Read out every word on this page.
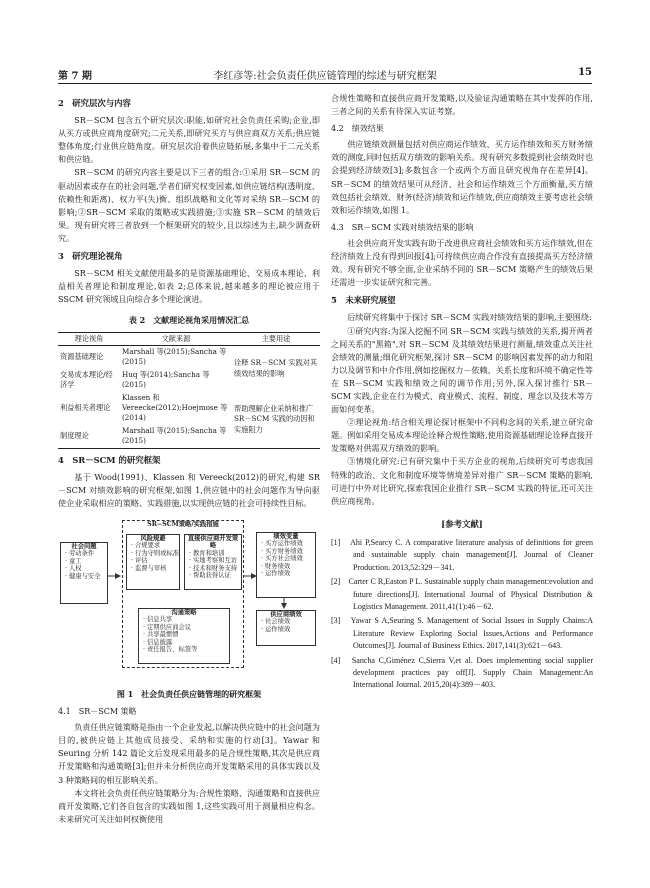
第 7 期	李红彦等:社会负责任供应链管理的综述与研究框架	15
2　研究层次与内容

SR－SCM 包含五个研究层次:职能,如研究社会负责任采购;企业,即从买方或供应商角度研究;二元关系,即研究买方与供应商双方关系;供应链整体角度;行业供应链角度。研究层次沿着供应链拓展,多集中于二元关系和供应链。

SR－SCM 的研究内容主要是以下三者的组合:①采用 SR－SCM 的驱动因素或存在的社会问题,学者们研究权变因素,如供应链结构(透明度、依赖性和距离)、权力平(失)衡、组织战略和文化等对采纳 SR－SCM 的影响;②SR－SCM 采取的策略或实践措施;③实施 SR－SCM 的绩效后果。现有研究将三者放到一个框架研究的较少,且以综述为主,缺少调查研究。

3　研究理论视角

SR－SCM 相关文献使用最多的是资源基础理论、交易成本理论、利益相关者理论和制度理论,如表 2;总体来说,越来越多的理论被应用于 SSCM 研究领域且向综合多个理论演进。

表 2　文献理论视角采用情况汇总
理论视角	文献来源	主要用途
资源基础理论	Marshall 等(2015);Sancha 等(2015)	诠释 SR－SCM 实践对其绩效结果的影响
交易成本理论/经济学	Huq 等(2014);Sancha 等(2015)	
利益相关者理论	Klassen 和 Vereecke(2012);Hoejmose 等(2014)	帮助理解企业采纳和推广 SR－SCM 实践的动因和实施阻力
制度理论	Marshall 等(2015);Sancha 等(2015)	
4　SR－SCM 的研究框架

基于 Wood(1991)、Klassen 和 Vereeck(2012)的研究,构建 SR－SCM 对绩效影响的研究框架,如图 1,供应链中的社会问题作为导向驱使企业采取相应的策略、实践措施,以实现供应链的社会可持续性目标。

SR−SCM策略/实践措施
社会问题
· 劳动条件
· 童工
· 人权
· 健康与安全
风险规避
· 合规要求
· 行为守则或标准
· 评估
· 监督与审核
直接供应商开发策略
· 教育和培训
· 实地考察和互访
· 技术和财务支持
· 帮助获得认证
沟通策略
· 信息共享
· 定期供应商会议
· 共享最惯惯
· 信息披露
· 责任报告、标签等
绩效变量
· 买方运作绩效
· 买方财务绩效
· 买方社会绩效
· 财务绩效
· 运作绩效
供应商绩效
· 社会绩效
· 运作绩效
图 1　社会负责任供应链管理的研究框架
4.1　SR－SCM 策略

负责任供应链策略是指由一个企业发起,以解决供应链中的社会问题为目的,被供应链上其他成员接受、采纳和实施的行动[3]。Yawar 和 Seuring 分析 142 篇论文后发现采用最多的是合规性策略,其次是供应商开发策略和沟通策略[3];但并未分析供应商开发策略采用的具体实践以及 3 种策略间的相互影响关系。

本文将社会负责任供应链策略分为:合规性策略、沟通策略和直接供应商开发策略,它们各自包含的实践如图 1,这些实践可用于测量相应构念。未来研究可关注如何权衡使用

合规性策略和直接供应商开发策略,以及验证沟通策略在其中发挥的作用,三者之间的关系有待深入实证考察。

4.2　绩效结果

供应链绩效测量包括对供应商运作绩效、买方运作绩效和买方财务绩效的测度,同时包括双方绩效的影响关系。现有研究多数提到社会绩效时也会提到经济绩效[3];多数包含一个或两个方面且研究视角存在差异[4]。SR－SCM 的绩效结果可从经济、社会和运作绩效三个方面衡量,买方绩效包括社会绩效、财务(经济)绩效和运作绩效,供应商绩效主要考虑社会绩效和运作绩效,如图 1。

4.3　SR－SCM 实践对绩效结果的影响

社会供应商开发实践有助于改进供应商社会绩效和买方运作绩效,但在经济绩效上没有得到回报[4];可持续供应商合作没有直接提高买方经济绩效。现有研究不够全面,企业采纳不同的 SR－SCM 策略产生的绩效后果还需进一步实证研究和完善。

5　未来研究展望

后续研究将集中于探讨 SR－SCM 实践对绩效结果的影响,主要围绕:

①研究内容:为深入挖掘不同 SR－SCM 实践与绩效的关系,揭开两者之间关系的"黑箱",对 SR－SCM 及其绩效结果进行测量,绩效重点关注社会绩效的测量;细化研究框架,探讨 SR－SCM 的影响因素发挥的动力和阻力以及调节和中介作用,例如挖掘权力－依赖、关系长度和环境不确定性等在 SR－SCM 实践和绩效之间的调节作用;另外,深入探讨推行 SR－SCM 实践,企业在行为模式、商业模式、流程、制度、理念以及技术等方面如何变革。

②理论视角:结合相关理论探讨框架中不同构念间的关系,建立研究命题。例如采用交易成本理论诠释合规性策略,使用资源基础理论诠释直接开发策略对供需双方绩效的影响。

③情境化研究:已有研究集中于买方企业的视角,后续研究可考虑我国特殊的政治、文化和制度环境等情境差异对推广 SR－SCM 策略的影响,可进行中外对比研究,探索我国企业推行 SR－SCM 实践的特征,还可关注供应商视角。

[参考文献]
[1]　Ahi P,Searcy C. A comparative literature analysis of definitions for green and sustainable supply chain management[J]. Journal of Cleaner Production. 2013,52:329－341.
[2]　Carter C R,Easton P L. Sustainable supply chain management:evolution and future directions[J]. International Journal of Physical Distribution & Logistics Management. 2011,41(1):46－62.
[3]　Yawar S A,Seuring S. Management of Social Issues in Supply Chains:A Literature Review Exploring Social Issues,Actions and Performance Outcomes[J]. Journal of Business Ethics. 2017,141(3):621－643.
[4]　Sancha C,Giménez C,Sierra V,et al. Does implementing social supplier development practices pay off[J]. Supply Chain Management:An International Journal. 2015,20(4):389－403.
